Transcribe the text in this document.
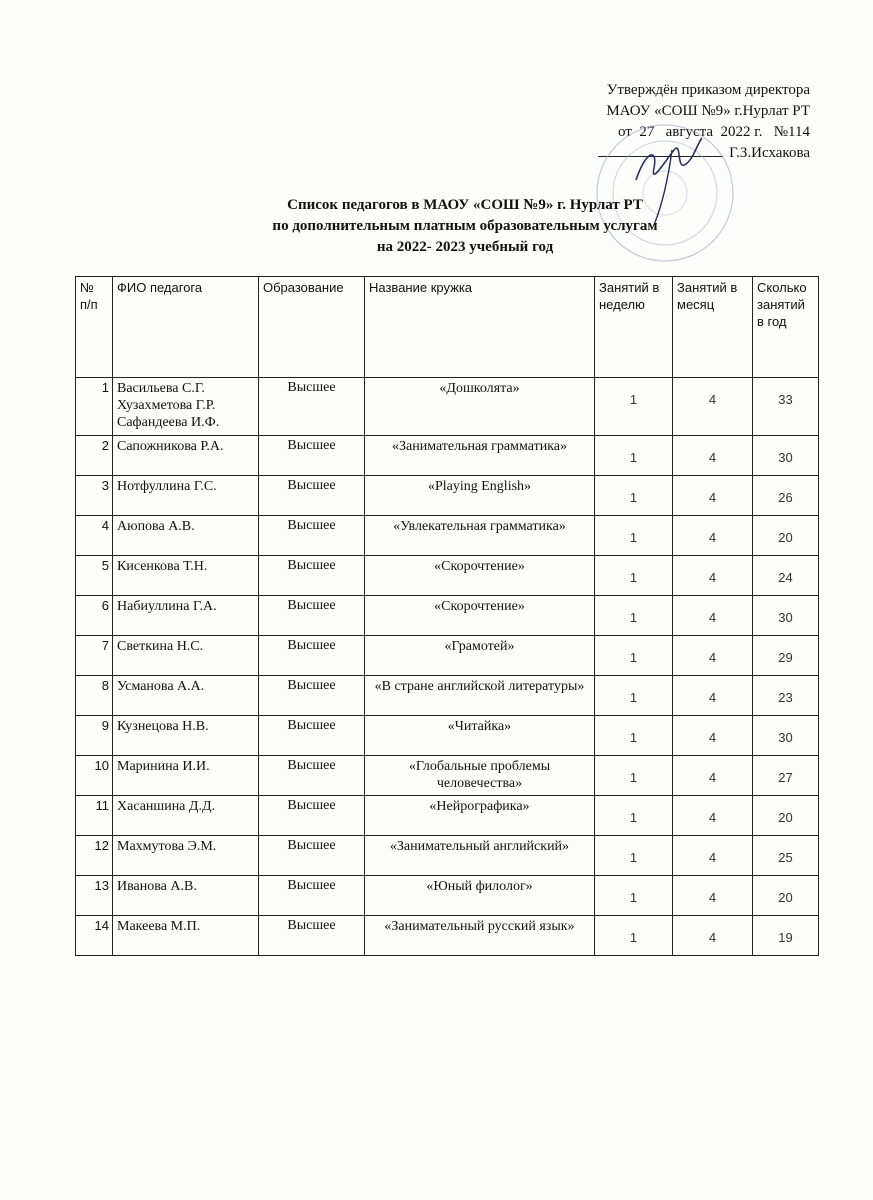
Утверждён приказом директора
МАОУ «СОШ №9» г.Нурлат РТ
от  27   августа  2022 г.   №114
Г.З.Исхакова
Список педагогов в МАОУ «СОШ №9» г. Нурлат РТ
по дополнительным платным образовательным услугам
на 2022- 2023 учебный год
№ п/п	ФИО педагога	Образование	Название кружка	Занятий в неделю	Занятий в месяц	Сколько занятий в год
1	Васильева С.Г. Хузахметова Г.Р. Сафандеева И.Ф.	Высшее	«Дошколята»	1	4	33
2	Сапожникова Р.А.	Высшее	«Занимательная грамматика»	1	4	30
3	Нотфуллина Г.С.	Высшее	«Playing English»	1	4	26
4	Аюпова А.В.	Высшее	«Увлекательная грамматика»	1	4	20
5	Кисенкова Т.Н.	Высшее	«Скорочтение»	1	4	24
6	Набиуллина Г.А.	Высшее	«Скорочтение»	1	4	30
7	Светкина Н.С.	Высшее	«Грамотей»	1	4	29
8	Усманова А.А.	Высшее	«В стране английской литературы»	1	4	23
9	Кузнецова Н.В.	Высшее	«Читайка»	1	4	30
10	Маринина И.И.	Высшее	«Глобальные проблемы человечества»	1	4	27
11	Хасаншина Д.Д.	Высшее	«Нейрографика»	1	4	20
12	Махмутова Э.М.	Высшее	«Занимательный английский»	1	4	25
13	Иванова А.В.	Высшее	«Юный филолог»	1	4	20
14	Макеева М.П.	Высшее	«Занимательный русский язык»	1	4	19
